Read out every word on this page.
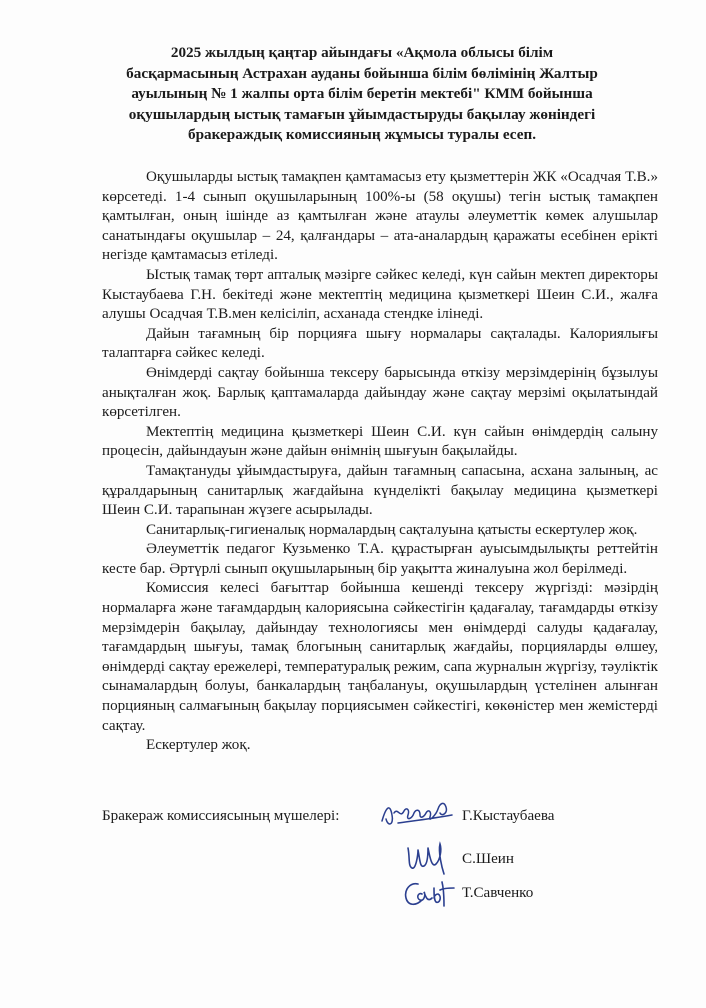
2025 жылдың қаңтар айындағы «Ақмола облысы білім
басқармасының Астрахан ауданы бойынша білім бөлімінің Жалтыр
ауылының № 1 жалпы орта білім беретін мектебі" КММ бойынша
оқушылардың ыстық тамағын ұйымдастыруды бақылау жөніндегі
бракераждық комиссияның жұмысы туралы есеп.

Оқушыларды ыстық тамақпен қамтамасыз ету қызметтерін ЖК «Осадчая Т.В.» көрсетеді. 1-4 сынып оқушыларының 100%-ы (58 оқушы) тегін ыстық тамақпен қамтылған, оның ішінде аз қамтылған және атаулы әлеуметтік көмек алушылар санатындағы оқушылар – 24, қалғандары – ата-аналардың қаражаты есебінен ерікті негізде қамтамасыз етіледі.

Ыстық тамақ төрт апталық мәзірге сәйкес келеді, күн сайын мектеп директоры Кыстаубаева Г.Н. бекітеді және мектептің медицина қызметкері Шеин С.И., жалға алушы Осадчая Т.В.мен келісіліп, асханада стендке ілінеді.

Дайын тағамның бір порцияға шығу нормалары сақталады. Калориялығы талаптарға сәйкес келеді.

Өнімдерді сақтау бойынша тексеру барысында өткізу мерзімдерінің бұзылуы анықталған жоқ. Барлық қаптамаларда дайындау және сақтау мерзімі оқылатындай көрсетілген.

Мектептің медицина қызметкері Шеин С.И. күн сайын өнімдердің салыну процесін, дайындауын және дайын өнімнің шығуын бақылайды.

Тамақтануды ұйымдастыруға, дайын тағамның сапасына, асхана залының, ас құралдарының санитарлық жағдайына күнделікті бақылау медицина қызметкері Шеин С.И. тарапынан жүзеге асырылады.

Санитарлық-гигиеналық нормалардың сақталуына қатысты ескертулер жоқ.

Әлеуметтік педагог Кузьменко Т.А. құрастырған ауысымдылықты реттейтін кесте бар. Әртүрлі сынып оқушыларының бір уақытта жиналуына жол берілмеді.

Комиссия келесі бағыттар бойынша кешенді тексеру жүргізді: мәзірдің нормаларға және тағамдардың калориясына сәйкестігін қадағалау, тағамдарды өткізу мерзімдерін бақылау, дайындау технологиясы мен өнімдерді салуды қадағалау, тағамдардың шығуы, тамақ блогының санитарлық жағдайы, порцияларды өлшеу, өнімдерді сақтау ережелері, температуралық режим, сапа журналын жүргізу, тәуліктік сынамалардың болуы, банкалардың таңбалануы, оқушылардың үстелінен алынған порцияның салмағының бақылау порциясымен сәйкестігі, көкөністер мен жемістерді сақтау.

Ескертулер жоқ.

Бракераж комиссиясының мүшелері:	Г.Кыстаубаева
С.Шеин
Т.Савченко
